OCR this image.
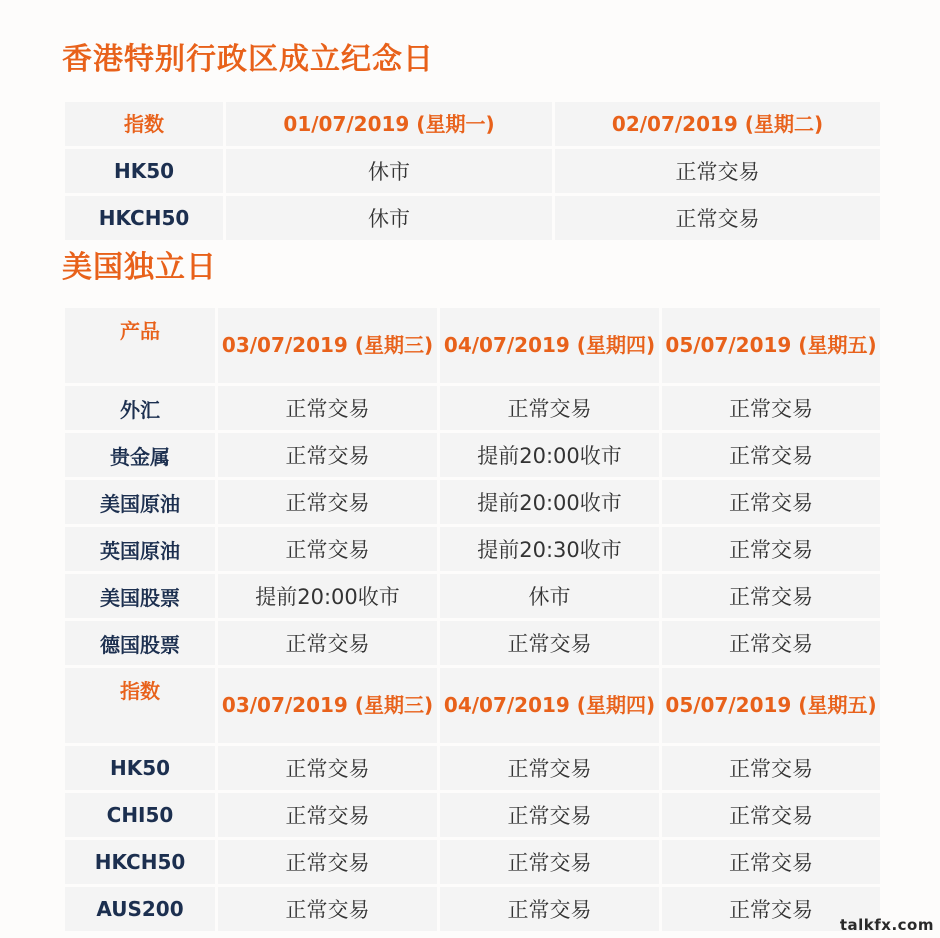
香港特别行政区成立纪念日
指数	01/07/2019 (星期一)	02/07/2019 (星期二)
HK50	休市	正常交易
HKCH50	休市	正常交易
美国独立日
产品	03/07/2019 (星期三)	04/07/2019 (星期四)	05/07/2019 (星期五)
外汇	正常交易	正常交易	正常交易
贵金属	正常交易	提前20:00收市	正常交易
美国原油	正常交易	提前20:00收市	正常交易
英国原油	正常交易	提前20:30收市	正常交易
美国股票	提前20:00收市	休市	正常交易
德国股票	正常交易	正常交易	正常交易
指数	03/07/2019 (星期三)	04/07/2019 (星期四)	05/07/2019 (星期五)
HK50	正常交易	正常交易	正常交易
CHI50	正常交易	正常交易	正常交易
HKCH50	正常交易	正常交易	正常交易
AUS200	正常交易	正常交易	正常交易
talkfx.com
